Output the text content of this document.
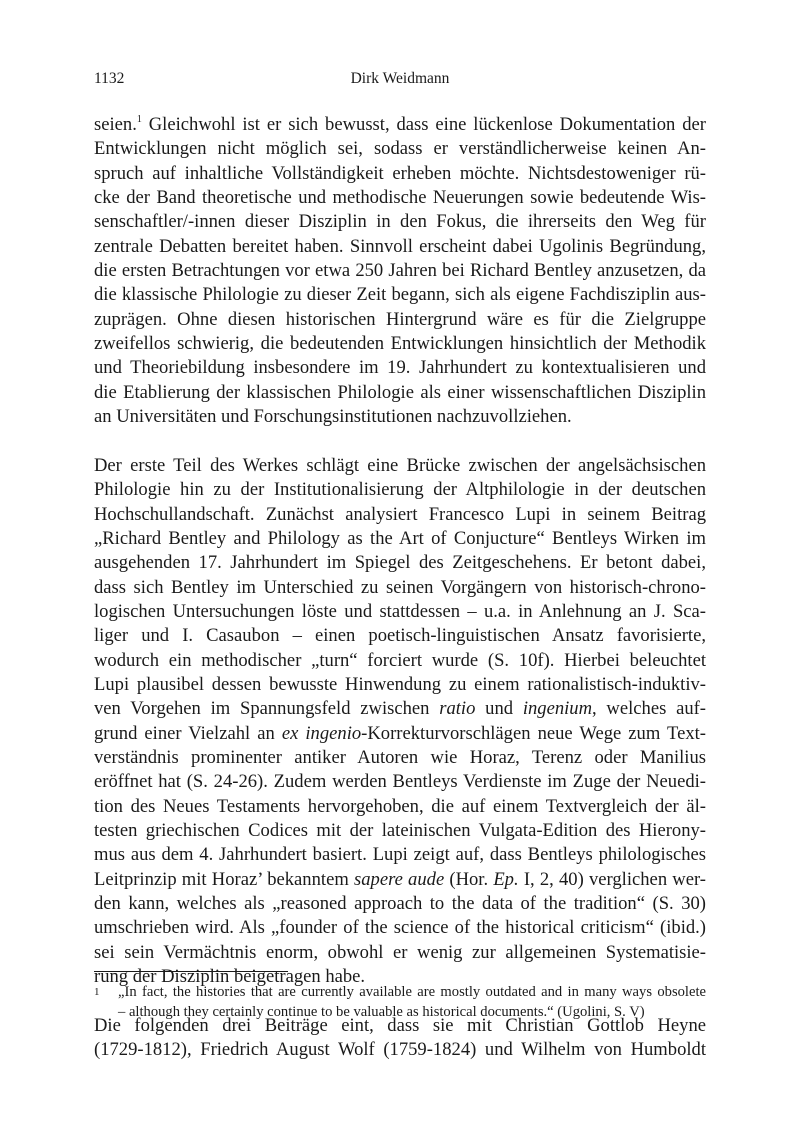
1132	Dirk Weidmann
seien.$^1$ Gleichwohl ist er sich bewusst, dass eine lückenlose Dokumentation der
Entwicklungen nicht möglich sei, sodass er verständlicherweise keinen An-
spruch auf inhaltliche Vollständigkeit erheben möchte. Nichtsdestoweniger rü-
cke der Band theoretische und methodische Neuerungen sowie bedeutende Wis-
senschaftler/-innen dieser Disziplin in den Fokus, die ihrerseits den Weg für
zentrale Debatten bereitet haben. Sinnvoll erscheint dabei Ugolinis Begründung,
die ersten Betrachtungen vor etwa 250 Jahren bei Richard Bentley anzusetzen, da
die klassische Philologie zu dieser Zeit begann, sich als eigene Fachdisziplin aus-
zuprägen. Ohne diesen historischen Hintergrund wäre es für die Zielgruppe
zweifellos schwierig, die bedeutenden Entwicklungen hinsichtlich der Methodik
und Theoriebildung insbesondere im 19. Jahrhundert zu kontextualisieren und
die Etablierung der klassischen Philologie als einer wissenschaftlichen Disziplin
an Universitäten und Forschungsinstitutionen nachzuvollziehen.
Der erste Teil des Werkes schlägt eine Brücke zwischen der angelsächsischen
Philologie hin zu der Institutionalisierung der Altphilologie in der deutschen
Hochschullandschaft. Zunächst analysiert Francesco Lupi in seinem Beitrag
„Richard Bentley and Philology as the Art of Conjucture“ Bentleys Wirken im
ausgehenden 17. Jahrhundert im Spiegel des Zeitgeschehens. Er betont dabei,
dass sich Bentley im Unterschied zu seinen Vorgängern von historisch-chrono-
logischen Untersuchungen löste und stattdessen – u.a. in Anlehnung an J. Sca-
liger und I. Casaubon – einen poetisch-linguistischen Ansatz favorisierte,
wodurch ein methodischer „turn“ forciert wurde (S. 10f). Hierbei beleuchtet
Lupi plausibel dessen bewusste Hinwendung zu einem rationalistisch-induktiv-
ven Vorgehen im Spannungsfeld zwischen ratio und ingenium, welches auf-
grund einer Vielzahl an ex ingenio-Korrekturvorschlägen neue Wege zum Text-
verständnis prominenter antiker Autoren wie Horaz, Terenz oder Manilius
eröffnet hat (S. 24-26). Zudem werden Bentleys Verdienste im Zuge der Neuedi-
tion des Neues Testaments hervorgehoben, die auf einem Textvergleich der äl-
testen griechischen Codices mit der lateinischen Vulgata-Edition des Hierony-
mus aus dem 4. Jahrhundert basiert. Lupi zeigt auf, dass Bentleys philologisches
Leitprinzip mit Horaz’ bekanntem sapere aude (Hor. Ep. I, 2, 40) verglichen wer-
den kann, welches als „reasoned approach to the data of the tradition“ (S. 30)
umschrieben wird. Als „founder of the science of the historical criticism“ (ibid.)
sei sein Vermächtnis enorm, obwohl er wenig zur allgemeinen Systematisie-
rung der Disziplin beigetragen habe.
Die folgenden drei Beiträge eint, dass sie mit Christian Gottlob Heyne
(1729-1812), Friedrich August Wolf (1759-1824) und Wilhelm von Humboldt
1 „In fact, the histories that are currently available are mostly outdated and in many ways obsolete
– although they certainly continue to be valuable as historical documents.“ (Ugolini, S. V)
